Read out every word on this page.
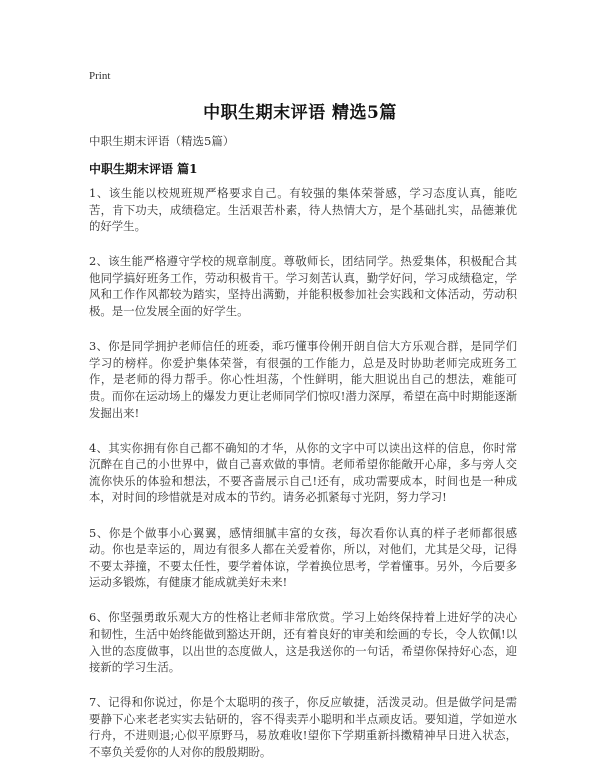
Print
中职生期末评语 精选5篇
中职生期末评语（精选5篇）
中职生期末评语 篇1

1、该生能以校规班规严格要求自己。有较强的集体荣誉感，学习态度认真，能吃苦，肯下功夫，成绩稳定。生活艰苦朴素，待人热情大方，是个基础扎实，品德兼优的好学生。

2、该生能严格遵守学校的规章制度。尊敬师长，团结同学。热爱集体，积极配合其他同学搞好班务工作，劳动积极肯干。学习刻苦认真，勤学好问，学习成绩稳定，学风和工作作风都较为踏实，坚持出满勤，并能积极参加社会实践和文体活动，劳动积极。是一位发展全面的好学生。

3、你是同学拥护老师信任的班委，乖巧懂事伶俐开朗自信大方乐观合群，是同学们学习的榜样。你爱护集体荣誉，有很强的工作能力，总是及时协助老师完成班务工作，是老师的得力帮手。你心性坦荡，个性鲜明，能大胆说出自己的想法，难能可贵。而你在运动场上的爆发力更让老师同学们惊叹!潜力深厚，希望在高中时期能逐渐发掘出来!

4、其实你拥有你自己都不确知的才华，从你的文字中可以读出这样的信息，你时常沉醉在自己的小世界中，做自己喜欢做的事情。老师希望你能敞开心扉，多与旁人交流你快乐的体验和想法，不要吝啬展示自己!还有，成功需要成本，时间也是一种成本，对时间的珍惜就是对成本的节约。请务必抓紧每寸光阴，努力学习!

5、你是个做事小心翼翼，感情细腻丰富的女孩，每次看你认真的样子老师都很感动。你也是幸运的，周边有很多人都在关爱着你，所以，对他们，尤其是父母，记得不要太莽撞，不要太任性，要学着体谅，学着换位思考，学着懂事。另外，今后要多运动多锻炼，有健康才能成就美好未来!

6、你坚强勇敢乐观大方的性格让老师非常欣赏。学习上始终保持着上进好学的决心和韧性，生活中始终能做到豁达开朗，还有着良好的审美和绘画的专长，令人钦佩!以入世的态度做事，以出世的态度做人，这是我送你的一句话，希望你保持好心态，迎接新的学习生活。

7、记得和你说过，你是个太聪明的孩子，你反应敏捷，活泼灵动。但是做学问是需要静下心来老老实实去钻研的，容不得卖弄小聪明和半点顽皮话。要知道，学如逆水行舟，不进则退;心似平原野马，易放难收!望你下学期重新抖擞精神早日进入状态，不辜负关爱你的人对你的殷殷期盼。
